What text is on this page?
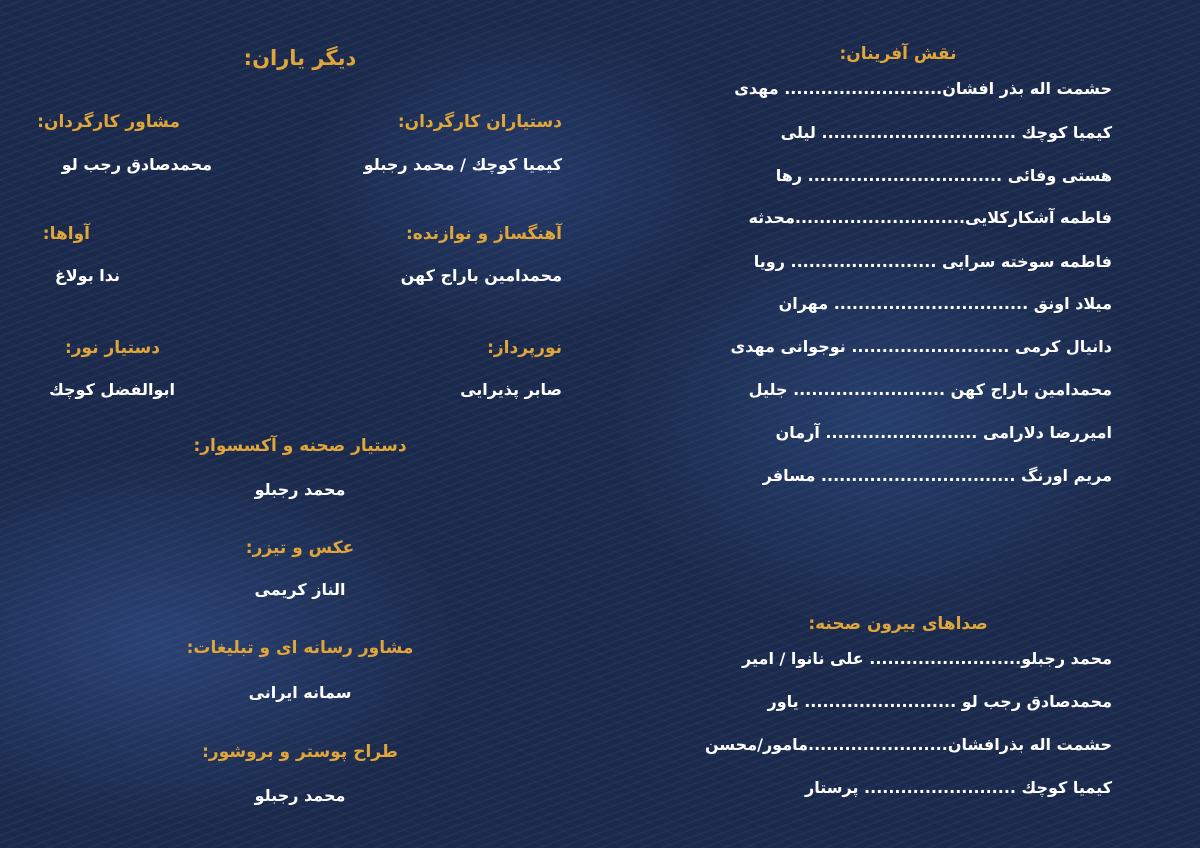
نقش آفرینان:
حشمت اله بذر افشان.......................... مهدی
کیمیا کوچك ................................ لیلی
هستی وفائی ................................ رها
فاطمه آشکارکلایی............................محدثه
فاطمه سوخته سرایی ........................ رویا
میلاد اونق ................................ مهران
دانیال کرمی .......................... نوجوانی مهدی
محمدامین باراج کهن ......................... جلیل
امیررضا دلارامی ......................... آرمان
مریم اورنگ ................................ مسافر
صداهای بیرون صحنه:
محمد رجبلو......................... علی نانوا / امیر
محمدصادق رجب لو ......................... یاور
حشمت اله بذرافشان.......................مامور/محسن
کیمیا کوچك ......................... پرستار
دیگر یاران:
دستیاران کارگردان:
کیمیا کوچك / محمد رجبلو
مشاور کارگردان:
محمدصادق رجب لو
آهنگساز و نوازنده:
محمدامین باراج کهن
آواها:
ندا بولاغ
نورپرداز:
صابر پذیرایی
دستیار نور:
ابوالفضل کوچك
دستیار صحنه و آکسسوار:
محمد رجبلو
عکس و تیزر:
الناز کریمی
مشاور رسانه ای و تبلیغات:
سمانه ایرانی
طراح پوستر و بروشور:
محمد رجبلو
